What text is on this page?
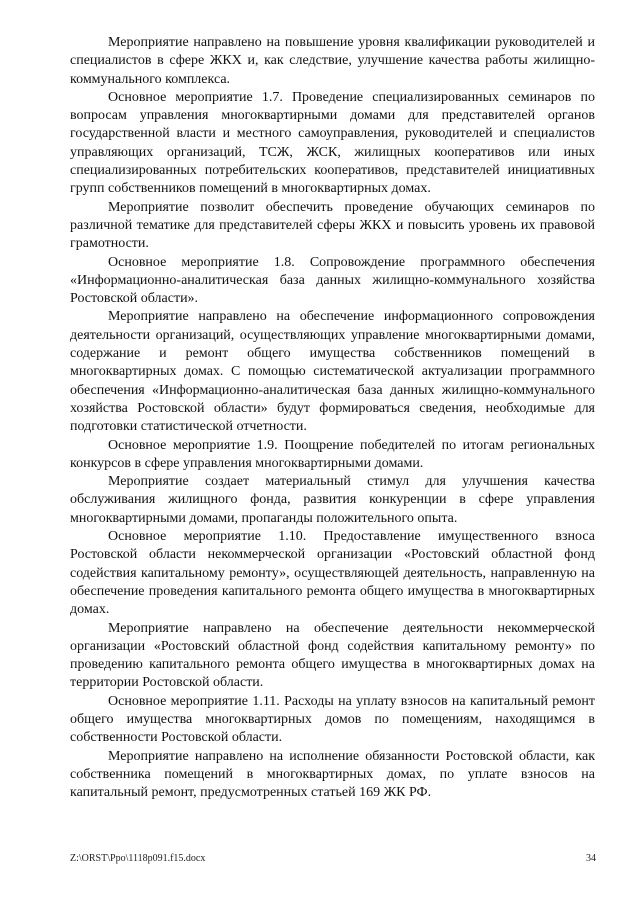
Мероприятие направлено на повышение уровня квалификации руководителей и специалистов в сфере ЖКХ и, как следствие, улучшение качества работы жилищно-коммунального комплекса.

Основное мероприятие 1.7. Проведение специализированных семинаров по вопросам управления многоквартирными домами для представителей органов государственной власти и местного самоуправления, руководителей и специалистов управляющих организаций, ТСЖ, ЖСК, жилищных кооперативов или иных специализированных потребительских кооперативов, представителей инициативных групп собственников помещений в многоквартирных домах.

Мероприятие позволит обеспечить проведение обучающих семинаров по различной тематике для представителей сферы ЖКХ и повысить уровень их правовой грамотности.

Основное мероприятие 1.8. Сопровождение программного обеспечения «Информационно-аналитическая база данных жилищно-коммунального хозяйства Ростовской области».

Мероприятие направлено на обеспечение информационного сопровождения деятельности организаций, осуществляющих управление многоквартирными домами, содержание и ремонт общего имущества собственников помещений в многоквартирных домах. С помощью систематической актуализации программного обеспечения «Информационно-аналитическая база данных жилищно-коммунального хозяйства Ростовской области» будут формироваться сведения, необходимые для подготовки статистической отчетности.

Основное мероприятие 1.9. Поощрение победителей по итогам региональных конкурсов в сфере управления многоквартирными домами.

Мероприятие создает материальный стимул для улучшения качества обслуживания жилищного фонда, развития конкуренции в сфере управления многоквартирными домами, пропаганды положительного опыта.

Основное мероприятие 1.10. Предоставление имущественного взноса Ростовской области некоммерческой организации «Ростовский областной фонд содействия капитальному ремонту», осуществляющей деятельность, направленную на обеспечение проведения капитального ремонта общего имущества в многоквартирных домах.

Мероприятие направлено на обеспечение деятельности некоммерческой организации «Ростовский областной фонд содействия капитальному ремонту» по проведению капитального ремонта общего имущества в многоквартирных домах на территории Ростовской области.

Основное мероприятие 1.11. Расходы на уплату взносов на капитальный ремонт общего имущества многоквартирных домов по помещениям, находящимся в собственности Ростовской области.

Мероприятие направлено на исполнение обязанности Ростовской области, как собственника помещений в многоквартирных домах, по уплате взносов на капитальный ремонт, предусмотренных статьей 169 ЖК РФ.

Z:\ORST\Ppo\1118p091.f15.docx	34
